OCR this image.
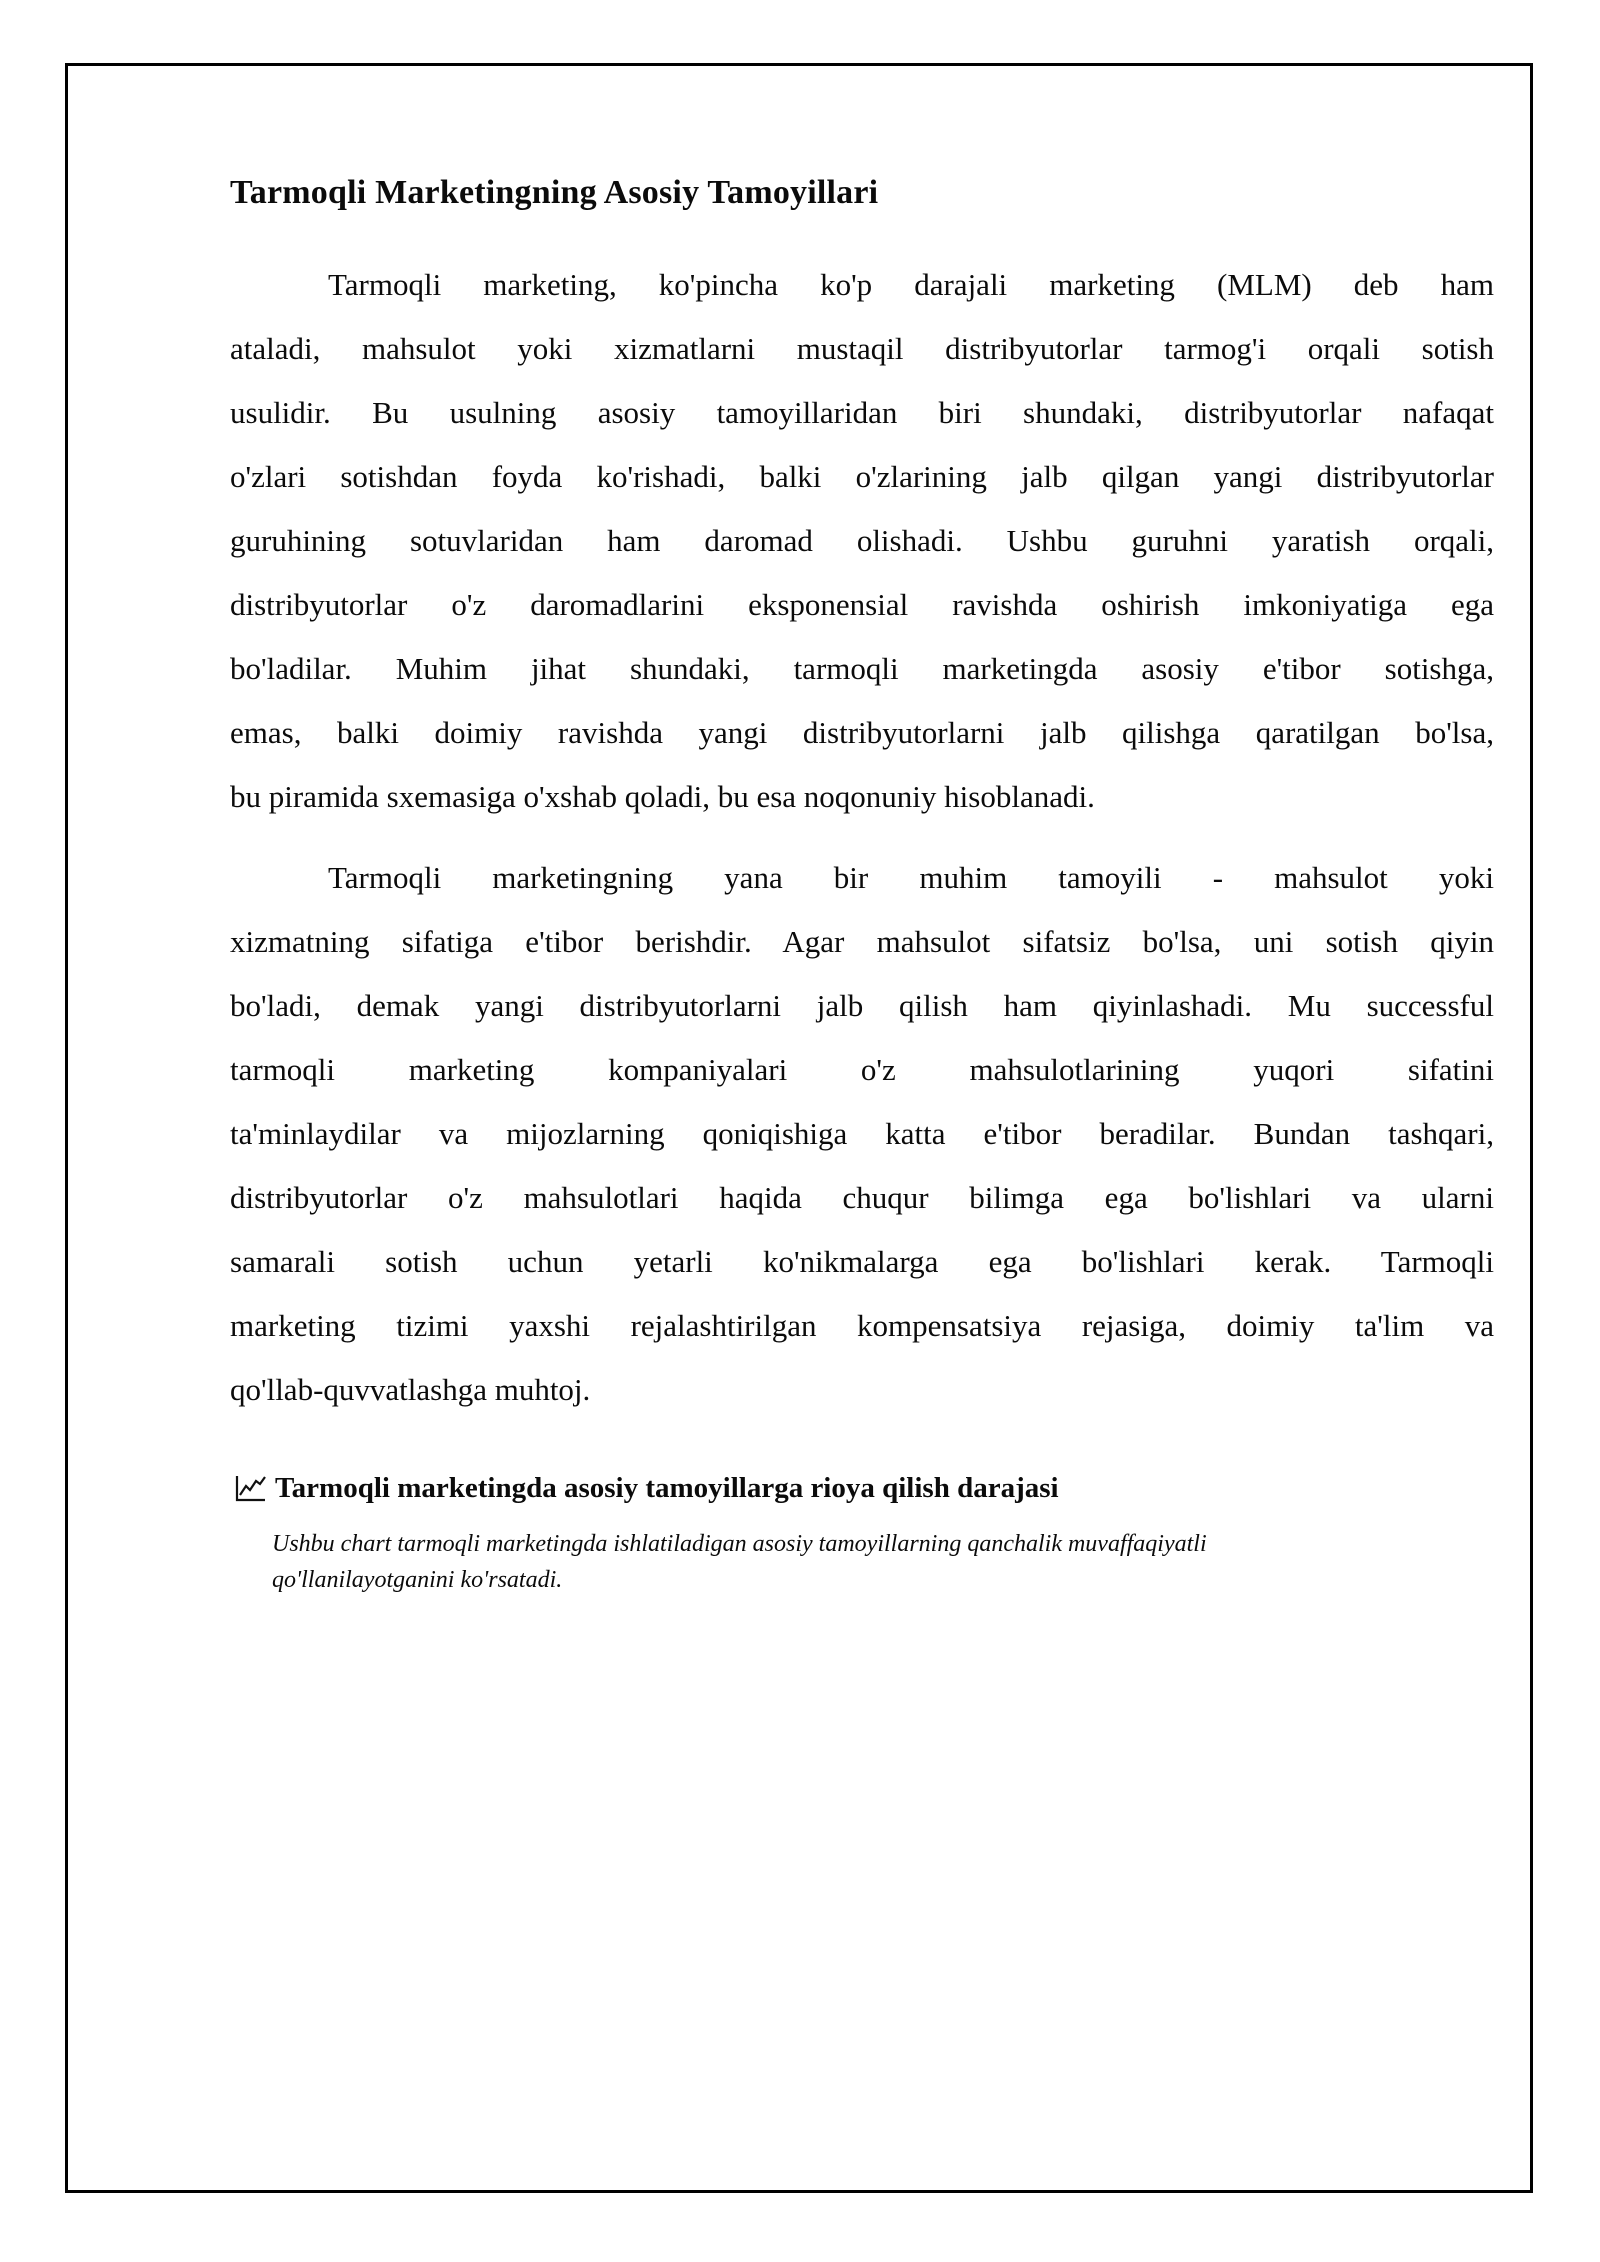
Tarmoqli Marketingning Asosiy Tamoyillari
Tarmoqli marketing, ko'pincha ko'p darajali marketing (MLM) deb ham
ataladi, mahsulot yoki xizmatlarni mustaqil distribyutorlar tarmog'i orqali sotish
usulidir. Bu usulning asosiy tamoyillaridan biri shundaki, distribyutorlar nafaqat
o'zlari sotishdan foyda ko'rishadi, balki o'zlarining jalb qilgan yangi distribyutorlar
guruhining sotuvlaridan ham daromad olishadi. Ushbu guruhni yaratish orqali,
distribyutorlar o'z daromadlarini eksponensial ravishda oshirish imkoniyatiga ega
bo'ladilar. Muhim jihat shundaki, tarmoqli marketingda asosiy e'tibor sotishga,
emas, balki doimiy ravishda yangi distribyutorlarni jalb qilishga qaratilgan bo'lsa,
bu piramida sxemasiga o'xshab qoladi, bu esa noqonuniy hisoblanadi.
Tarmoqli marketingning yana bir muhim tamoyili - mahsulot yoki
xizmatning sifatiga e'tibor berishdir. Agar mahsulot sifatsiz bo'lsa, uni sotish qiyin
bo'ladi, demak yangi distribyutorlarni jalb qilish ham qiyinlashadi. Mu successful
tarmoqli marketing kompaniyalari o'z mahsulotlarining yuqori sifatini
ta'minlaydilar va mijozlarning qoniqishiga katta e'tibor beradilar. Bundan tashqari,
distribyutorlar o'z mahsulotlari haqida chuqur bilimga ega bo'lishlari va ularni
samarali sotish uchun yetarli ko'nikmalarga ega bo'lishlari kerak. Tarmoqli
marketing tizimi yaxshi rejalashtirilgan kompensatsiya rejasiga, doimiy ta'lim va
qo'llab-quvvatlashga muhtoj.
Tarmoqli marketingda asosiy tamoyillarga rioya qilish darajasi
Ushbu chart tarmoqli marketingda ishlatiladigan asosiy tamoyillarning qanchalik muvaffaqiyatli
qo'llanilayotganini ko'rsatadi.
